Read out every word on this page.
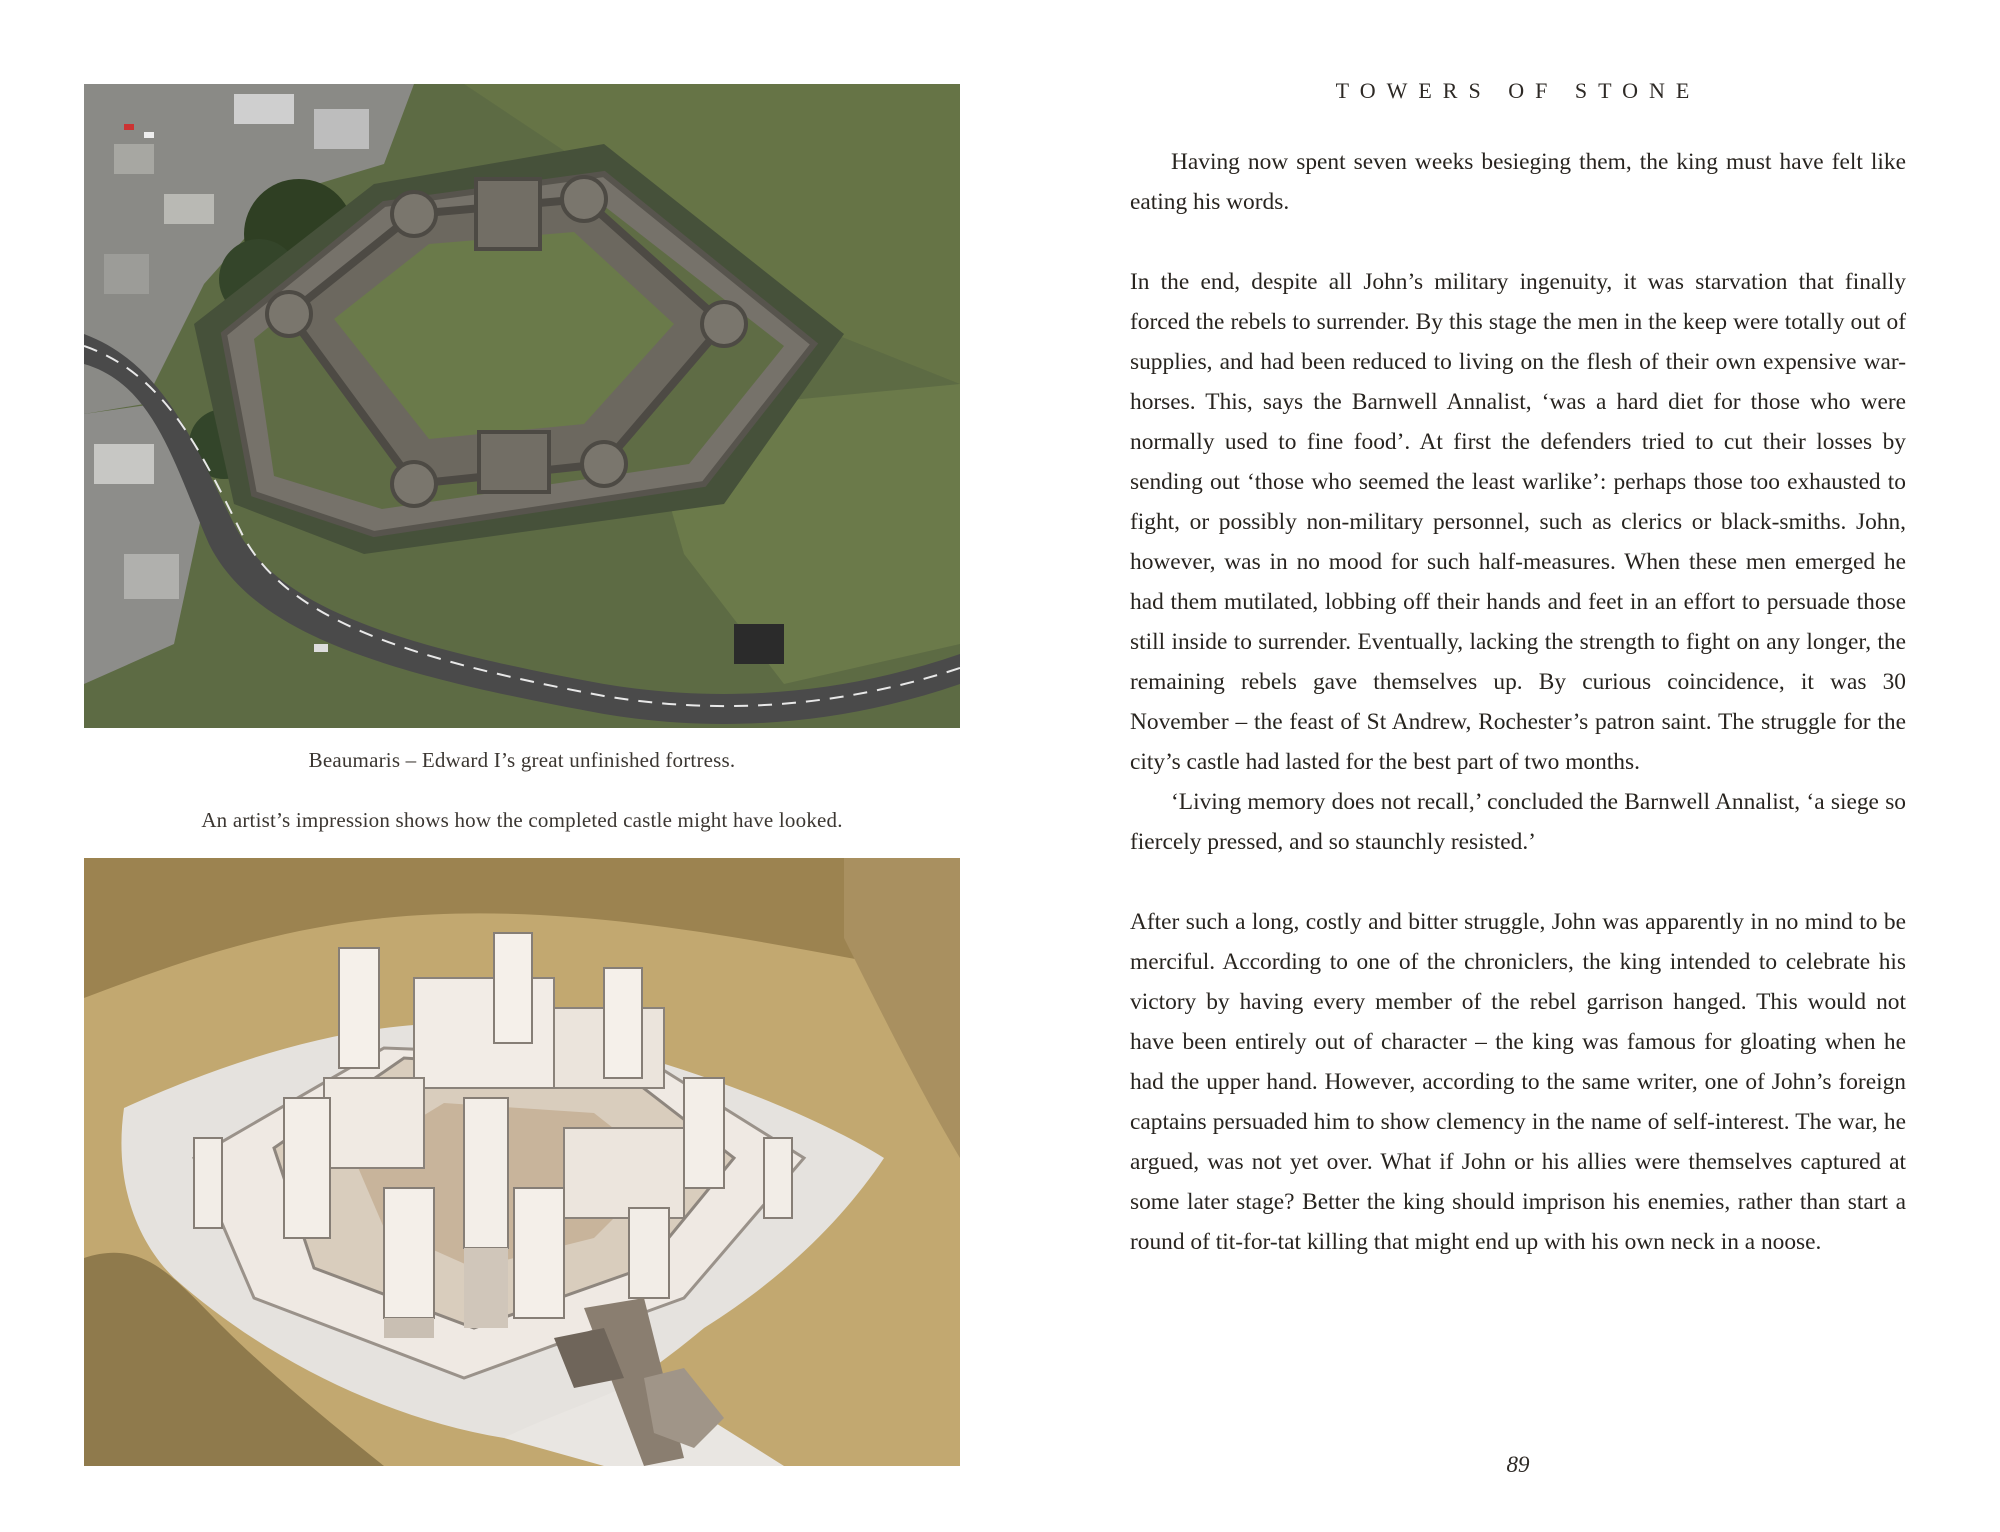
Beaumaris – Edward I’s great unfinished fortress.
An artist’s impression shows how the completed castle might have looked.
TOWERS OF STONE

Having now spent seven weeks besieging them, the king must have felt like eating his words.

In the end, despite all John’s military ingenuity, it was starvation that finally forced the rebels to surrender. By this stage the men in the keep were totally out of supplies, and had been reduced to living on the flesh of their own expensive war-horses. This, says the Barnwell Annalist, ‘was a hard diet for those who were normally used to fine food’. At first the defenders tried to cut their losses by sending out ‘those who seemed the least warlike’: perhaps those too exhausted to fight, or possibly non-military personnel, such as clerics or black-smiths. John, however, was in no mood for such half-measures. When these men emerged he had them mutilated, lobbing off their hands and feet in an effort to persuade those still inside to surrender. Eventually, lacking the strength to fight on any longer, the remaining rebels gave themselves up. By curious coincidence, it was 30 November – the feast of St Andrew, Rochester’s patron saint. The struggle for the city’s castle had lasted for the best part of two months.

‘Living memory does not recall,’ concluded the Barnwell Annalist, ‘a siege so fiercely pressed, and so staunchly resisted.’

After such a long, costly and bitter struggle, John was apparently in no mind to be merciful. According to one of the chroniclers, the king intended to celebrate his victory by having every member of the rebel garrison hanged. This would not have been entirely out of character – the king was famous for gloating when he had the upper hand. However, according to the same writer, one of John’s foreign captains persuaded him to show clemency in the name of self-interest. The war, he argued, was not yet over. What if John or his allies were themselves captured at some later stage? Better the king should imprison his enemies, rather than start a round of tit-for-tat killing that might end up with his own neck in a noose.

89
